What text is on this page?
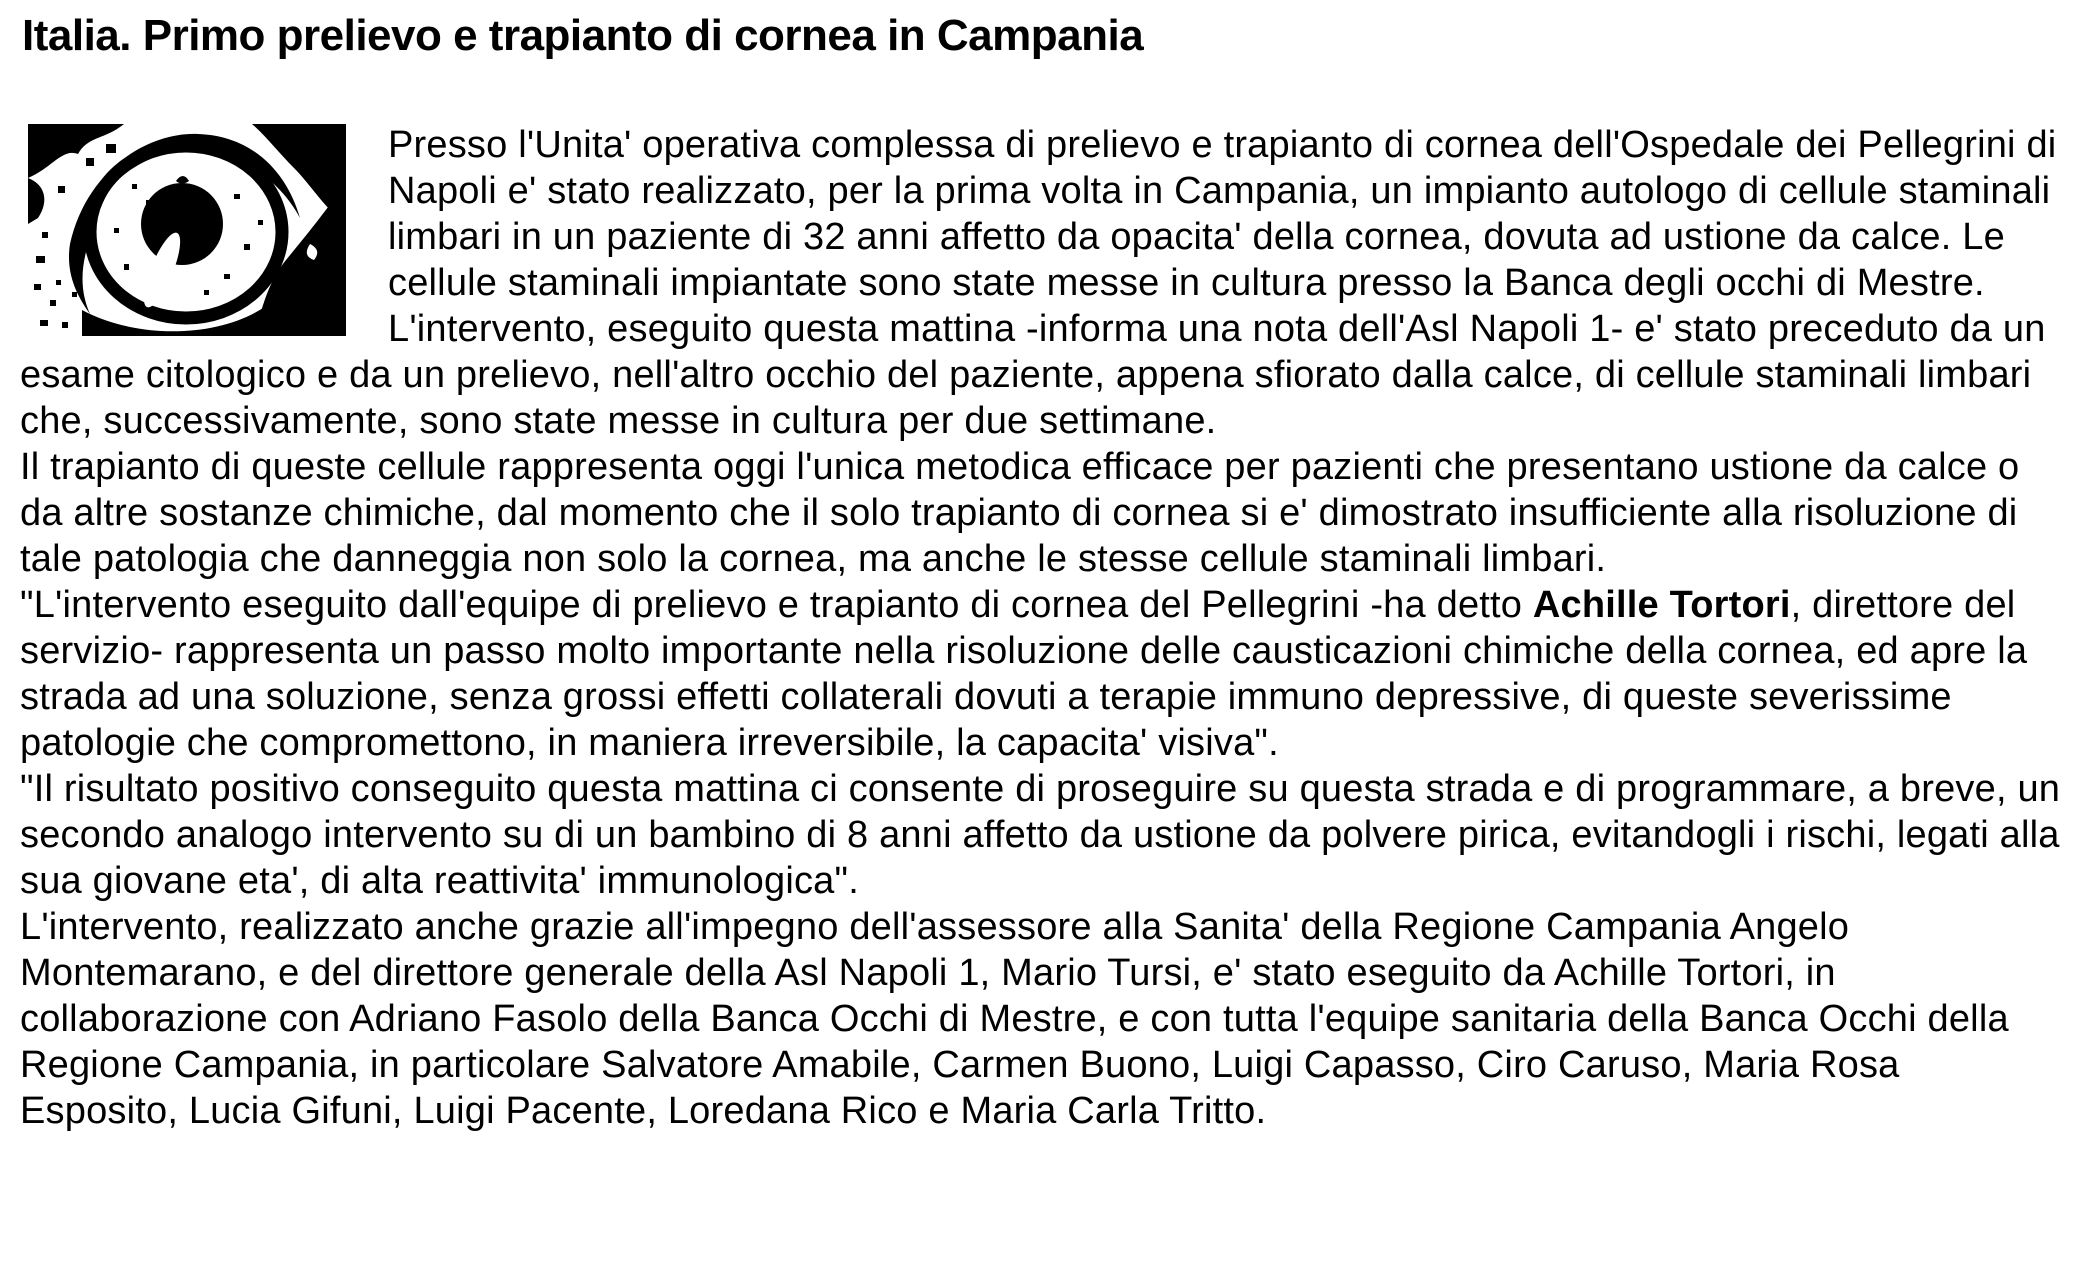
Italia. Primo prelievo e trapianto di cornea in Campania

Presso l'Unita' operativa complessa di prelievo e trapianto di cornea dell'Ospedale dei Pellegrini di Napoli e' stato realizzato, per la prima volta in Campania, un impianto autologo di cellule staminali limbari in un paziente di 32 anni affetto da opacita' della cornea, dovuta ad ustione da calce. Le cellule staminali impiantate sono state messe in cultura presso la Banca degli occhi di Mestre.

L'intervento, eseguito questa mattina -informa una nota dell'Asl Napoli 1- e' stato preceduto da un esame citologico e da un prelievo, nell'altro occhio del paziente, appena sfiorato dalla calce, di cellule staminali limbari che, successivamente, sono state messe in cultura per due settimane.

Il trapianto di queste cellule rappresenta oggi l'unica metodica efficace per pazienti che presentano ustione da calce o da altre sostanze chimiche, dal momento che il solo trapianto di cornea si e' dimostrato insufficiente alla risoluzione di tale patologia che danneggia non solo la cornea, ma anche le stesse cellule staminali limbari.

"L'intervento eseguito dall'equipe di prelievo e trapianto di cornea del Pellegrini -ha detto Achille Tortori, direttore del servizio- rappresenta un passo molto importante nella risoluzione delle causticazioni chimiche della cornea, ed apre la strada ad una soluzione, senza grossi effetti collaterali dovuti a terapie immuno depressive, di queste severissime patologie che compromettono, in maniera irreversibile, la capacita' visiva".

"Il risultato positivo conseguito questa mattina ci consente di proseguire su questa strada e di programmare, a breve, un secondo analogo intervento su di un bambino di 8 anni affetto da ustione da polvere pirica, evitandogli i rischi, legati alla sua giovane eta', di alta reattivita' immunologica".

L'intervento, realizzato anche grazie all'impegno dell'assessore alla Sanita' della Regione Campania Angelo Montemarano, e del direttore generale della Asl Napoli 1, Mario Tursi, e' stato eseguito da Achille Tortori, in collaborazione con Adriano Fasolo della Banca Occhi di Mestre, e con tutta l'equipe sanitaria della Banca Occhi della Regione Campania, in particolare Salvatore Amabile, Carmen Buono, Luigi Capasso, Ciro Caruso, Maria Rosa Esposito, Lucia Gifuni, Luigi Pacente, Loredana Rico e Maria Carla Tritto.
